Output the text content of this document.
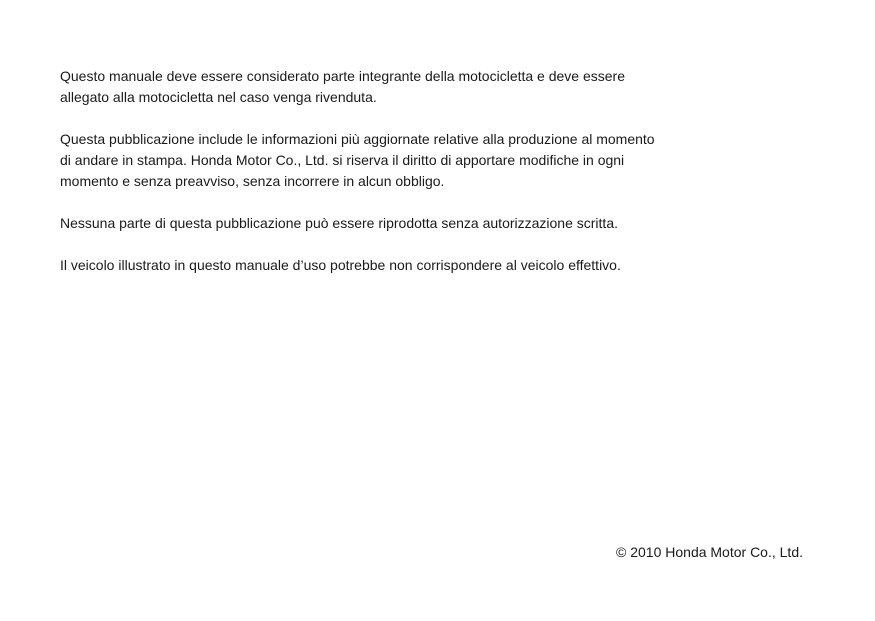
Questo manuale deve essere considerato parte integrante della motocicletta e deve essere allegato alla motocicletta nel caso venga rivenduta.

Questa pubblicazione include le informazioni più aggiornate relative alla produzione al momento di andare in stampa. Honda Motor Co., Ltd. si riserva il diritto di apportare modifiche in ogni momento e senza preavviso, senza incorrere in alcun obbligo.

Nessuna parte di questa pubblicazione può essere riprodotta senza autorizzazione scritta.

Il veicolo illustrato in questo manuale d’uso potrebbe non corrispondere al veicolo effettivo.

© 2010 Honda Motor Co., Ltd.
